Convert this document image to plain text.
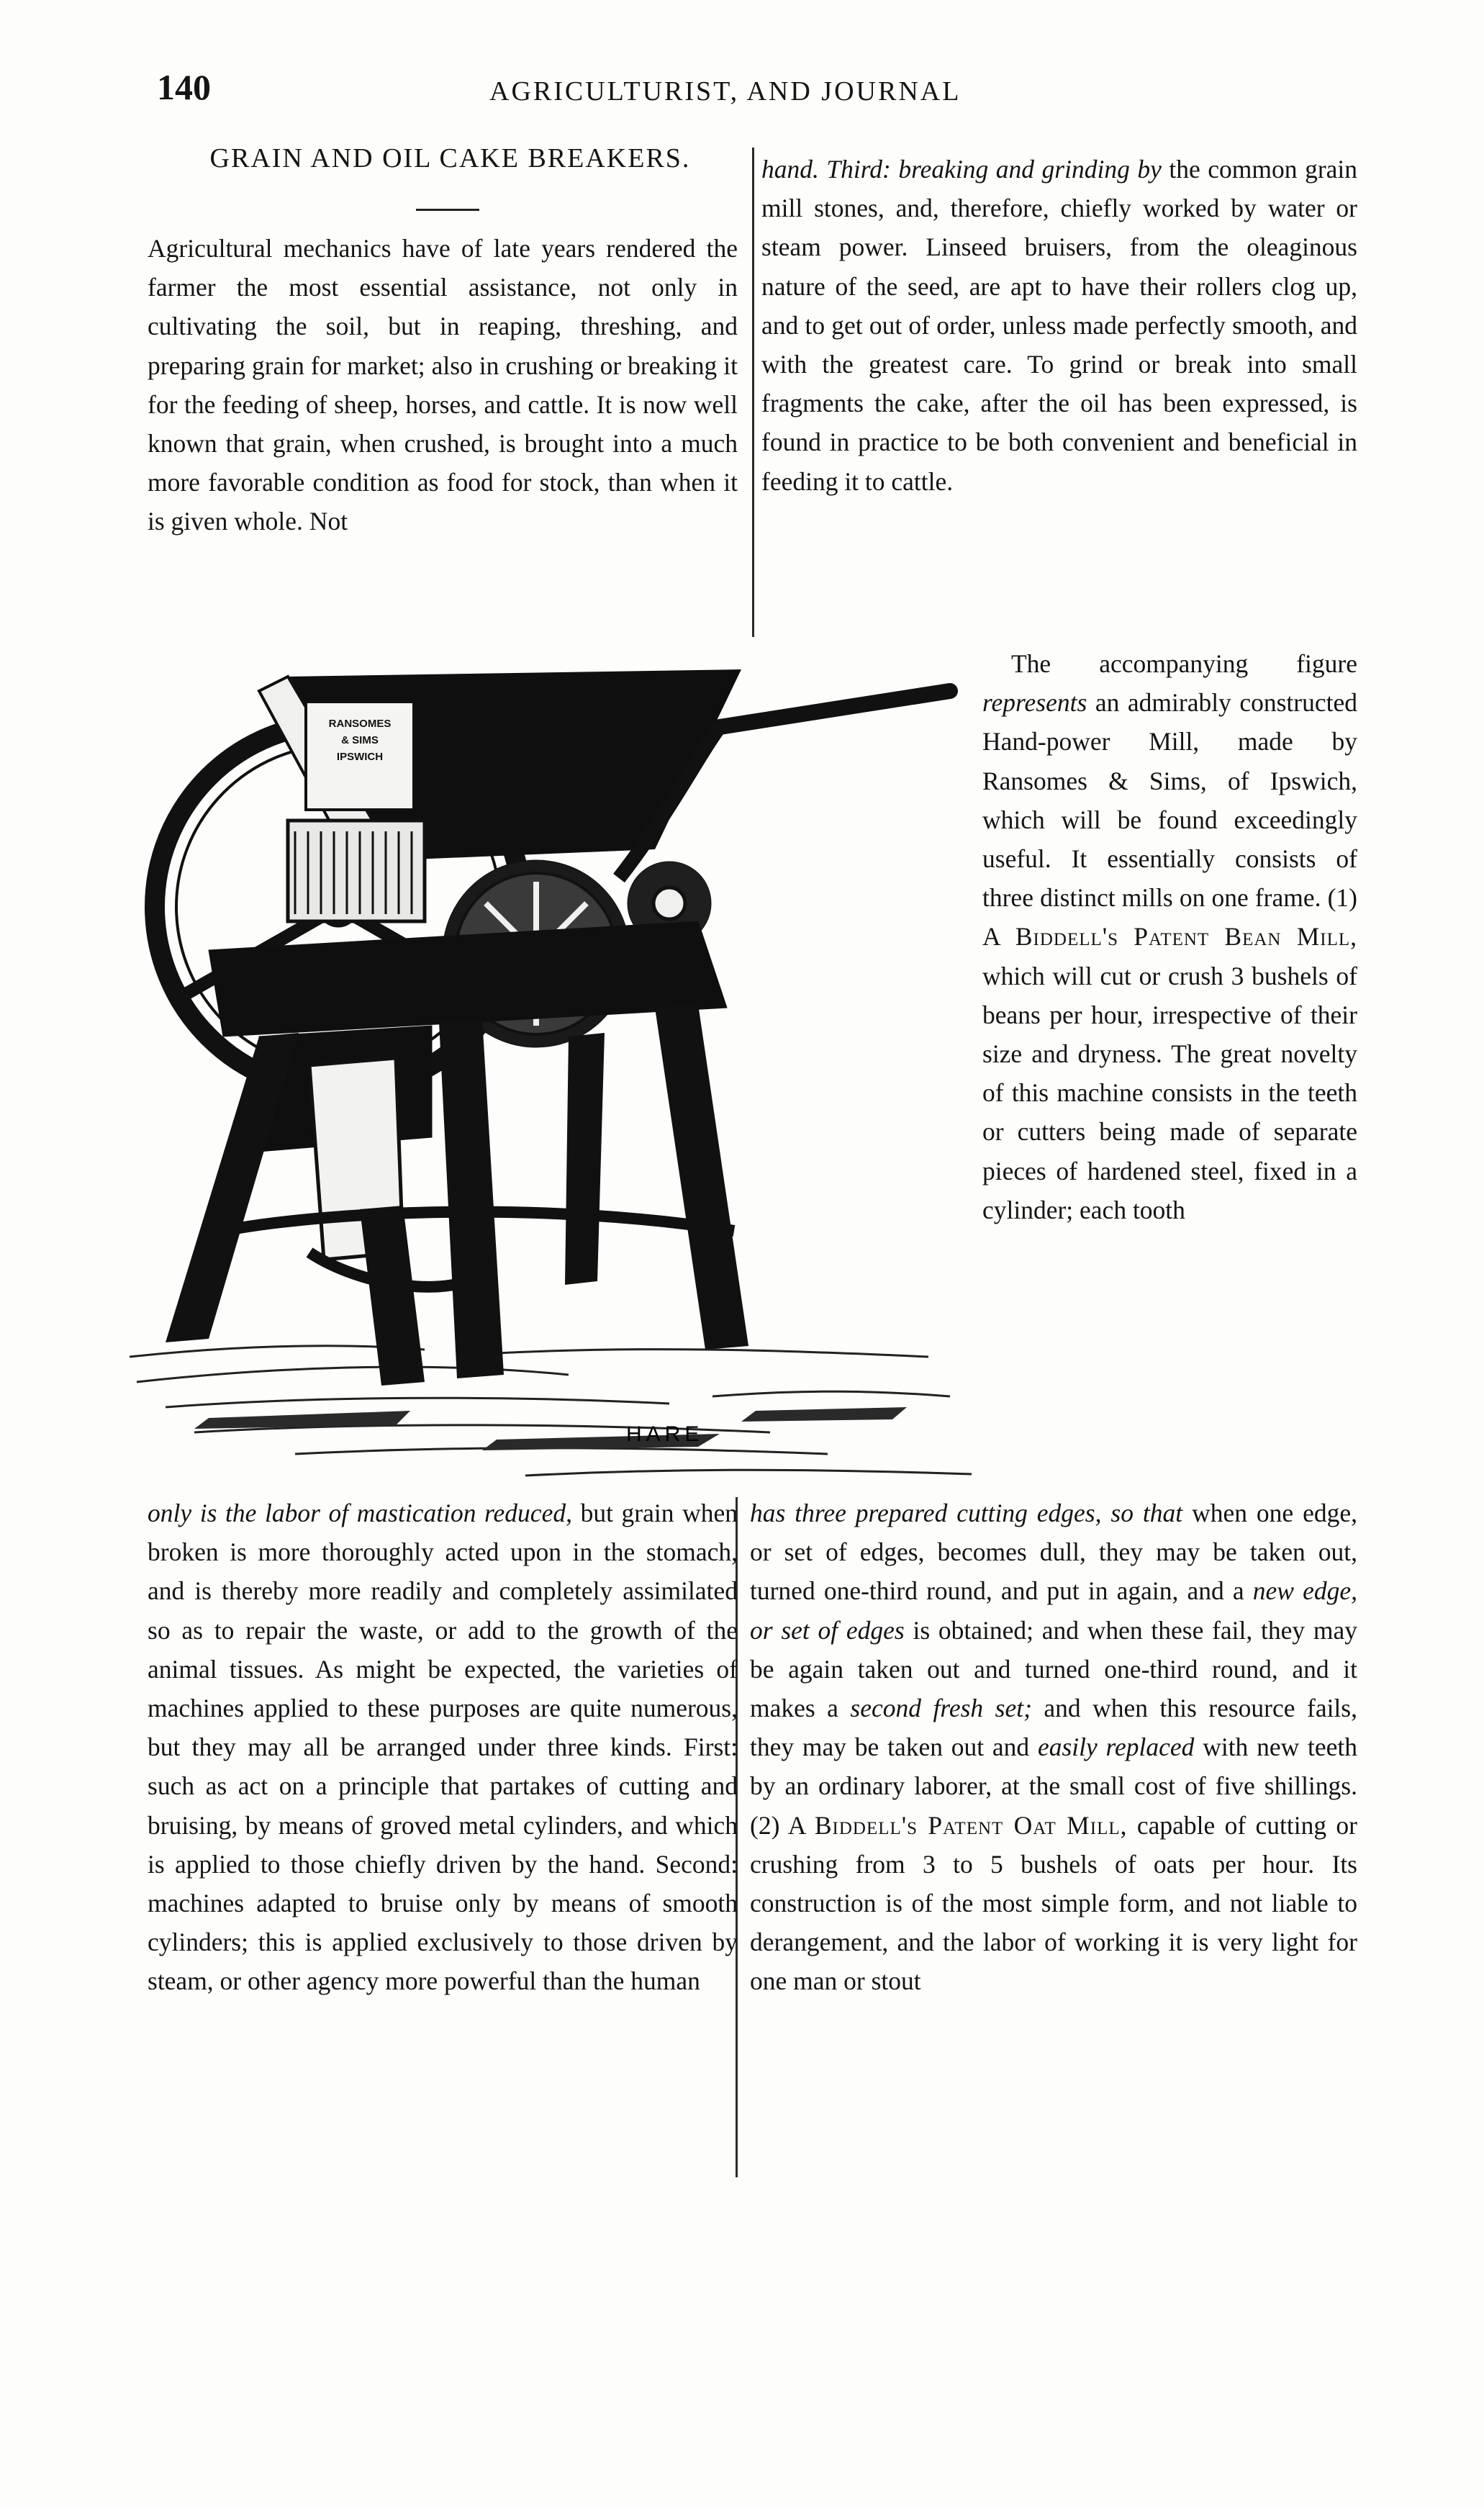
140	AGRICULTURIST, AND JOURNAL
GRAIN AND OIL CAKE BREAKERS.

Agricultural mechanics have of late years rendered the farmer the most essential assistance, not only in cultivating the soil, but in reaping, threshing, and preparing grain for market; also in crushing or breaking it for the feeding of sheep, horses, and cattle. It is now well known that grain, when crushed, is brought into a much more favorable condition as food for stock, than when it is given whole. Not

hand. Third: breaking and grinding by the common grain mill stones, and, therefore, chiefly worked by water or steam power. Linseed bruisers, from the oleaginous nature of the seed, are apt to have their rollers clog up, and to get out of order, unless made perfectly smooth, and with the greatest care. To grind or break into small fragments the cake, after the oil has been expressed, is found in practice to be both convenient and beneficial in feeding it to cattle.

The accompanying figure represents an admirably constructed Hand-power Mill, made by Ransomes & Sims, of Ipswich, which will be found exceedingly useful. It essentially consists of three distinct mills on one frame. (1) A Biddell's Patent Bean Mill, which will cut or crush 3 bushels of beans per hour, irrespective of their size and dryness. The great novelty of this machine consists in the teeth or cutters being made of separate pieces of hardened steel, fixed in a cylinder; each tooth

only is the labor of mastication reduced, but grain when broken is more thoroughly acted upon in the stomach, and is thereby more readily and completely assimilated so as to repair the waste, or add to the growth of the animal tissues. As might be expected, the varieties of machines applied to these purposes are quite numerous, but they may all be arranged under three kinds. First: such as act on a principle that partakes of cutting and bruising, by means of groved metal cylinders, and which is applied to those chiefly driven by the hand. Second: machines adapted to bruise only by means of smooth cylinders; this is applied exclusively to those driven by steam, or other agency more powerful than the human

has three prepared cutting edges, so that when one edge, or set of edges, becomes dull, they may be taken out, turned one-third round, and put in again, and a new edge, or set of edges is obtained; and when these fail, they may be again taken out and turned one-third round, and it makes a second fresh set; and when this resource fails, they may be taken out and easily replaced with new teeth by an ordinary laborer, at the small cost of five shillings. (2) A Biddell's Patent Oat Mill, capable of cutting or crushing from 3 to 5 bushels of oats per hour. Its construction is of the most simple form, and not liable to derangement, and the labor of working it is very light for one man or stout

RANSOMES
& SIMS
IPSWICH
HARE
